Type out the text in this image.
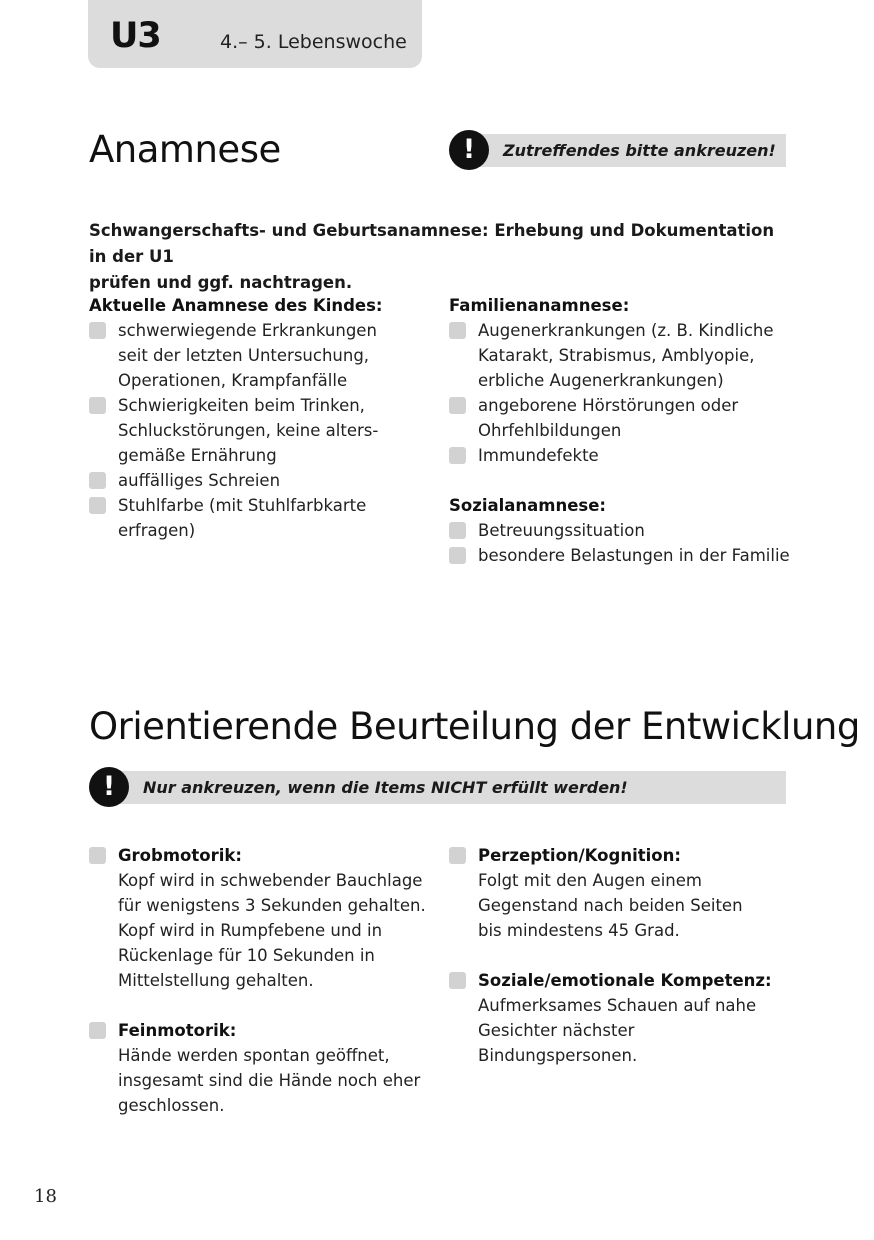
U3	4.– 5. Lebenswoche
Anamnese	!	Zutreffendes bitte ankreuzen!
Schwangerschafts- und Geburtsanamnese: Erhebung und Dokumentation in der U1
prüfen und ggf. nachtragen.
Aktuelle Anamnese des Kindes:
schwerwiegende Erkrankungen
seit der letzten Untersuchung,
Operationen, Krampfanfälle
Schwierigkeiten beim Trinken,
Schluckstörungen, keine alters-
gemäße Ernährung
auffälliges Schreien
Stuhlfarbe (mit Stuhlfarbkarte
erfragen)
Familienanamnese:
Augenerkrankungen (z. B. Kindliche
Katarakt, Strabismus, Amblyopie,
erbliche Augenerkrankungen)
angeborene Hörstörungen oder
Ohrfehlbildungen
Immundefekte
Sozialanamnese:
Betreuungssituation
besondere Belastungen in der Familie
Orientierende Beurteilung der Entwicklung
!	Nur ankreuzen, wenn die Items NICHT erfüllt werden!
Grobmotorik:
Kopf wird in schwebender Bauchlage
für wenigstens 3 Sekunden gehalten.
Kopf wird in Rumpfebene und in
Rückenlage für 10 Sekunden in
Mittelstellung gehalten.
Feinmotorik:
Hände werden spontan geöffnet,
insgesamt sind die Hände noch eher
geschlossen.
Perzeption/Kognition:
Folgt mit den Augen einem
Gegenstand nach beiden Seiten
bis mindestens 45 Grad.
Soziale/emotionale Kompetenz:
Aufmerksames Schauen auf nahe
Gesichter nächster Bindungspersonen.
18
